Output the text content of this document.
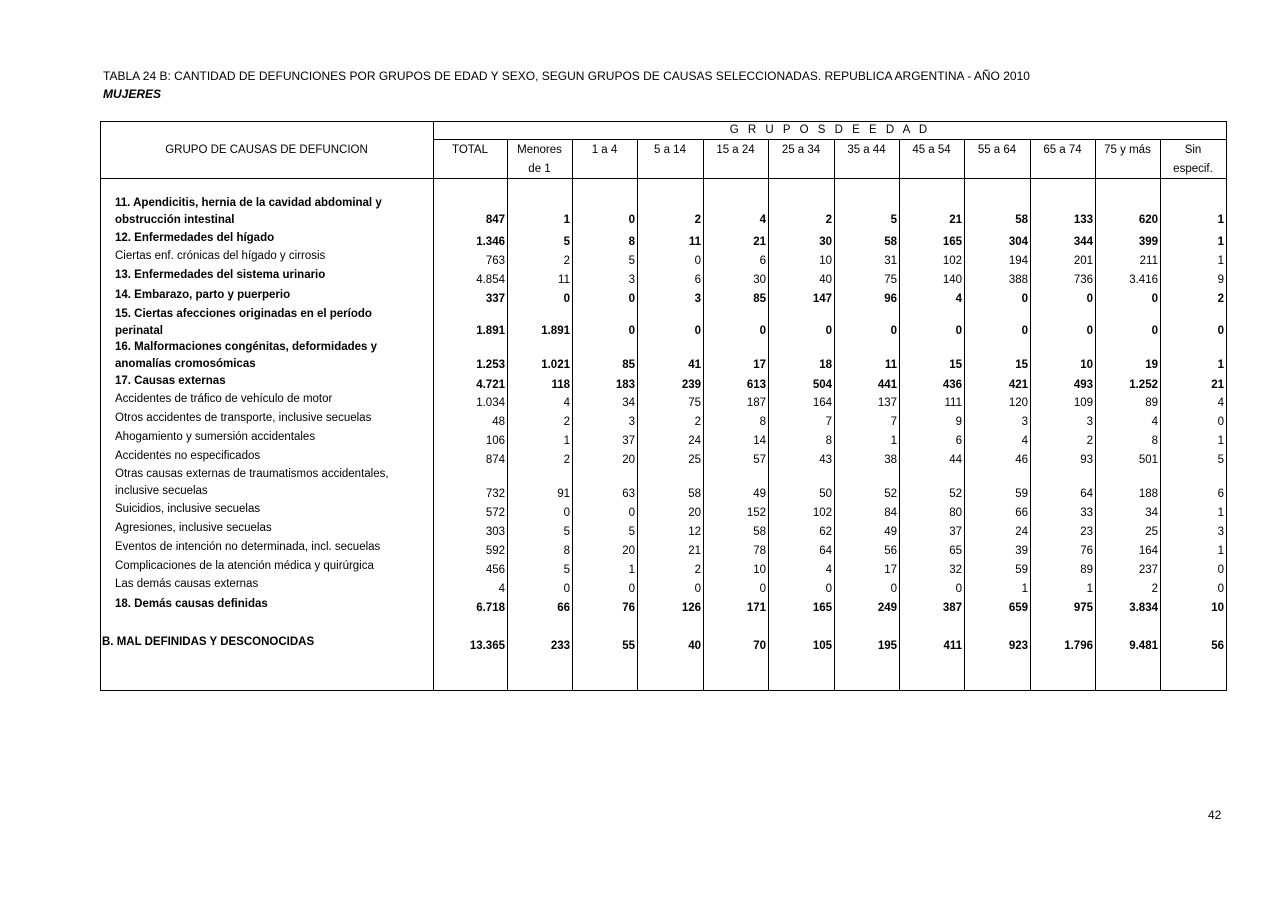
TABLA 24 B: CANTIDAD DE DEFUNCIONES POR GRUPOS DE EDAD Y SEXO, SEGUN GRUPOS DE CAUSAS SELECCIONADAS. REPUBLICA ARGENTINA - AÑO 2010
MUJERES
GRUPO DE CAUSAS DE DEFUNCION
G R U P O S D E E D A D
TOTAL	Menores
de 1
1 a 4	5 a 14	15 a 24	25 a 34	35 a 44	45 a 54	55 a 64	65 a 74	75 y más	Sin
especif.
11. Apendicitis, hernia de la cavidad abdominal y
obstrucción intestinal	847	1	0	2	4	2	5	21	58	133	620	1
12. Enfermedades del hígado	1.346	5	8	11	21	30	58	165	304	344	399	1
Ciertas enf. crónicas del hígado y cirrosis	763	2	5	0	6	10	31	102	194	201	211	1
13. Enfermedades del sistema urinario	4.854	11	3	6	30	40	75	140	388	736	3.416	9
14. Embarazo, parto y puerperio	337	0	0	3	85	147	96	4	0	0	0	2
15. Ciertas afecciones originadas en el período
perinatal	1.891	1.891	0	0	0	0	0	0	0	0	0	0
16. Malformaciones congénitas, deformidades y
anomalías cromosómicas	1.253	1.021	85	41	17	18	11	15	15	10	19	1
17. Causas externas	4.721	118	183	239	613	504	441	436	421	493	1.252	21
Accidentes de tráfico de vehículo de motor	1.034	4	34	75	187	164	137	111	120	109	89	4
Otros accidentes de transporte, inclusive secuelas	48	2	3	2	8	7	7	9	3	3	4	0
Ahogamiento y sumersión accidentales	106	1	37	24	14	8	1	6	4	2	8	1
Accidentes no especificados	874	2	20	25	57	43	38	44	46	93	501	5
Otras causas externas de traumatismos accidentales,
inclusive secuelas	732	91	63	58	49	50	52	52	59	64	188	6
Suicidios, inclusive secuelas	572	0	0	20	152	102	84	80	66	33	34	1
Agresiones, inclusive secuelas	303	5	5	12	58	62	49	37	24	23	25	3
Eventos de intención no determinada, incl. secuelas	592	8	20	21	78	64	56	65	39	76	164	1
Complicaciones de la atención médica y quirúrgica	456	5	1	2	10	4	17	32	59	89	237	0
Las demás causas externas	4	0	0	0	0	0	0	0	1	1	2	0
18. Demás causas definidas	6.718	66	76	126	171	165	249	387	659	975	3.834	10
B. MAL DEFINIDAS Y DESCONOCIDAS	13.365	233	55	40	70	105	195	411	923	1.796	9.481	56
42
